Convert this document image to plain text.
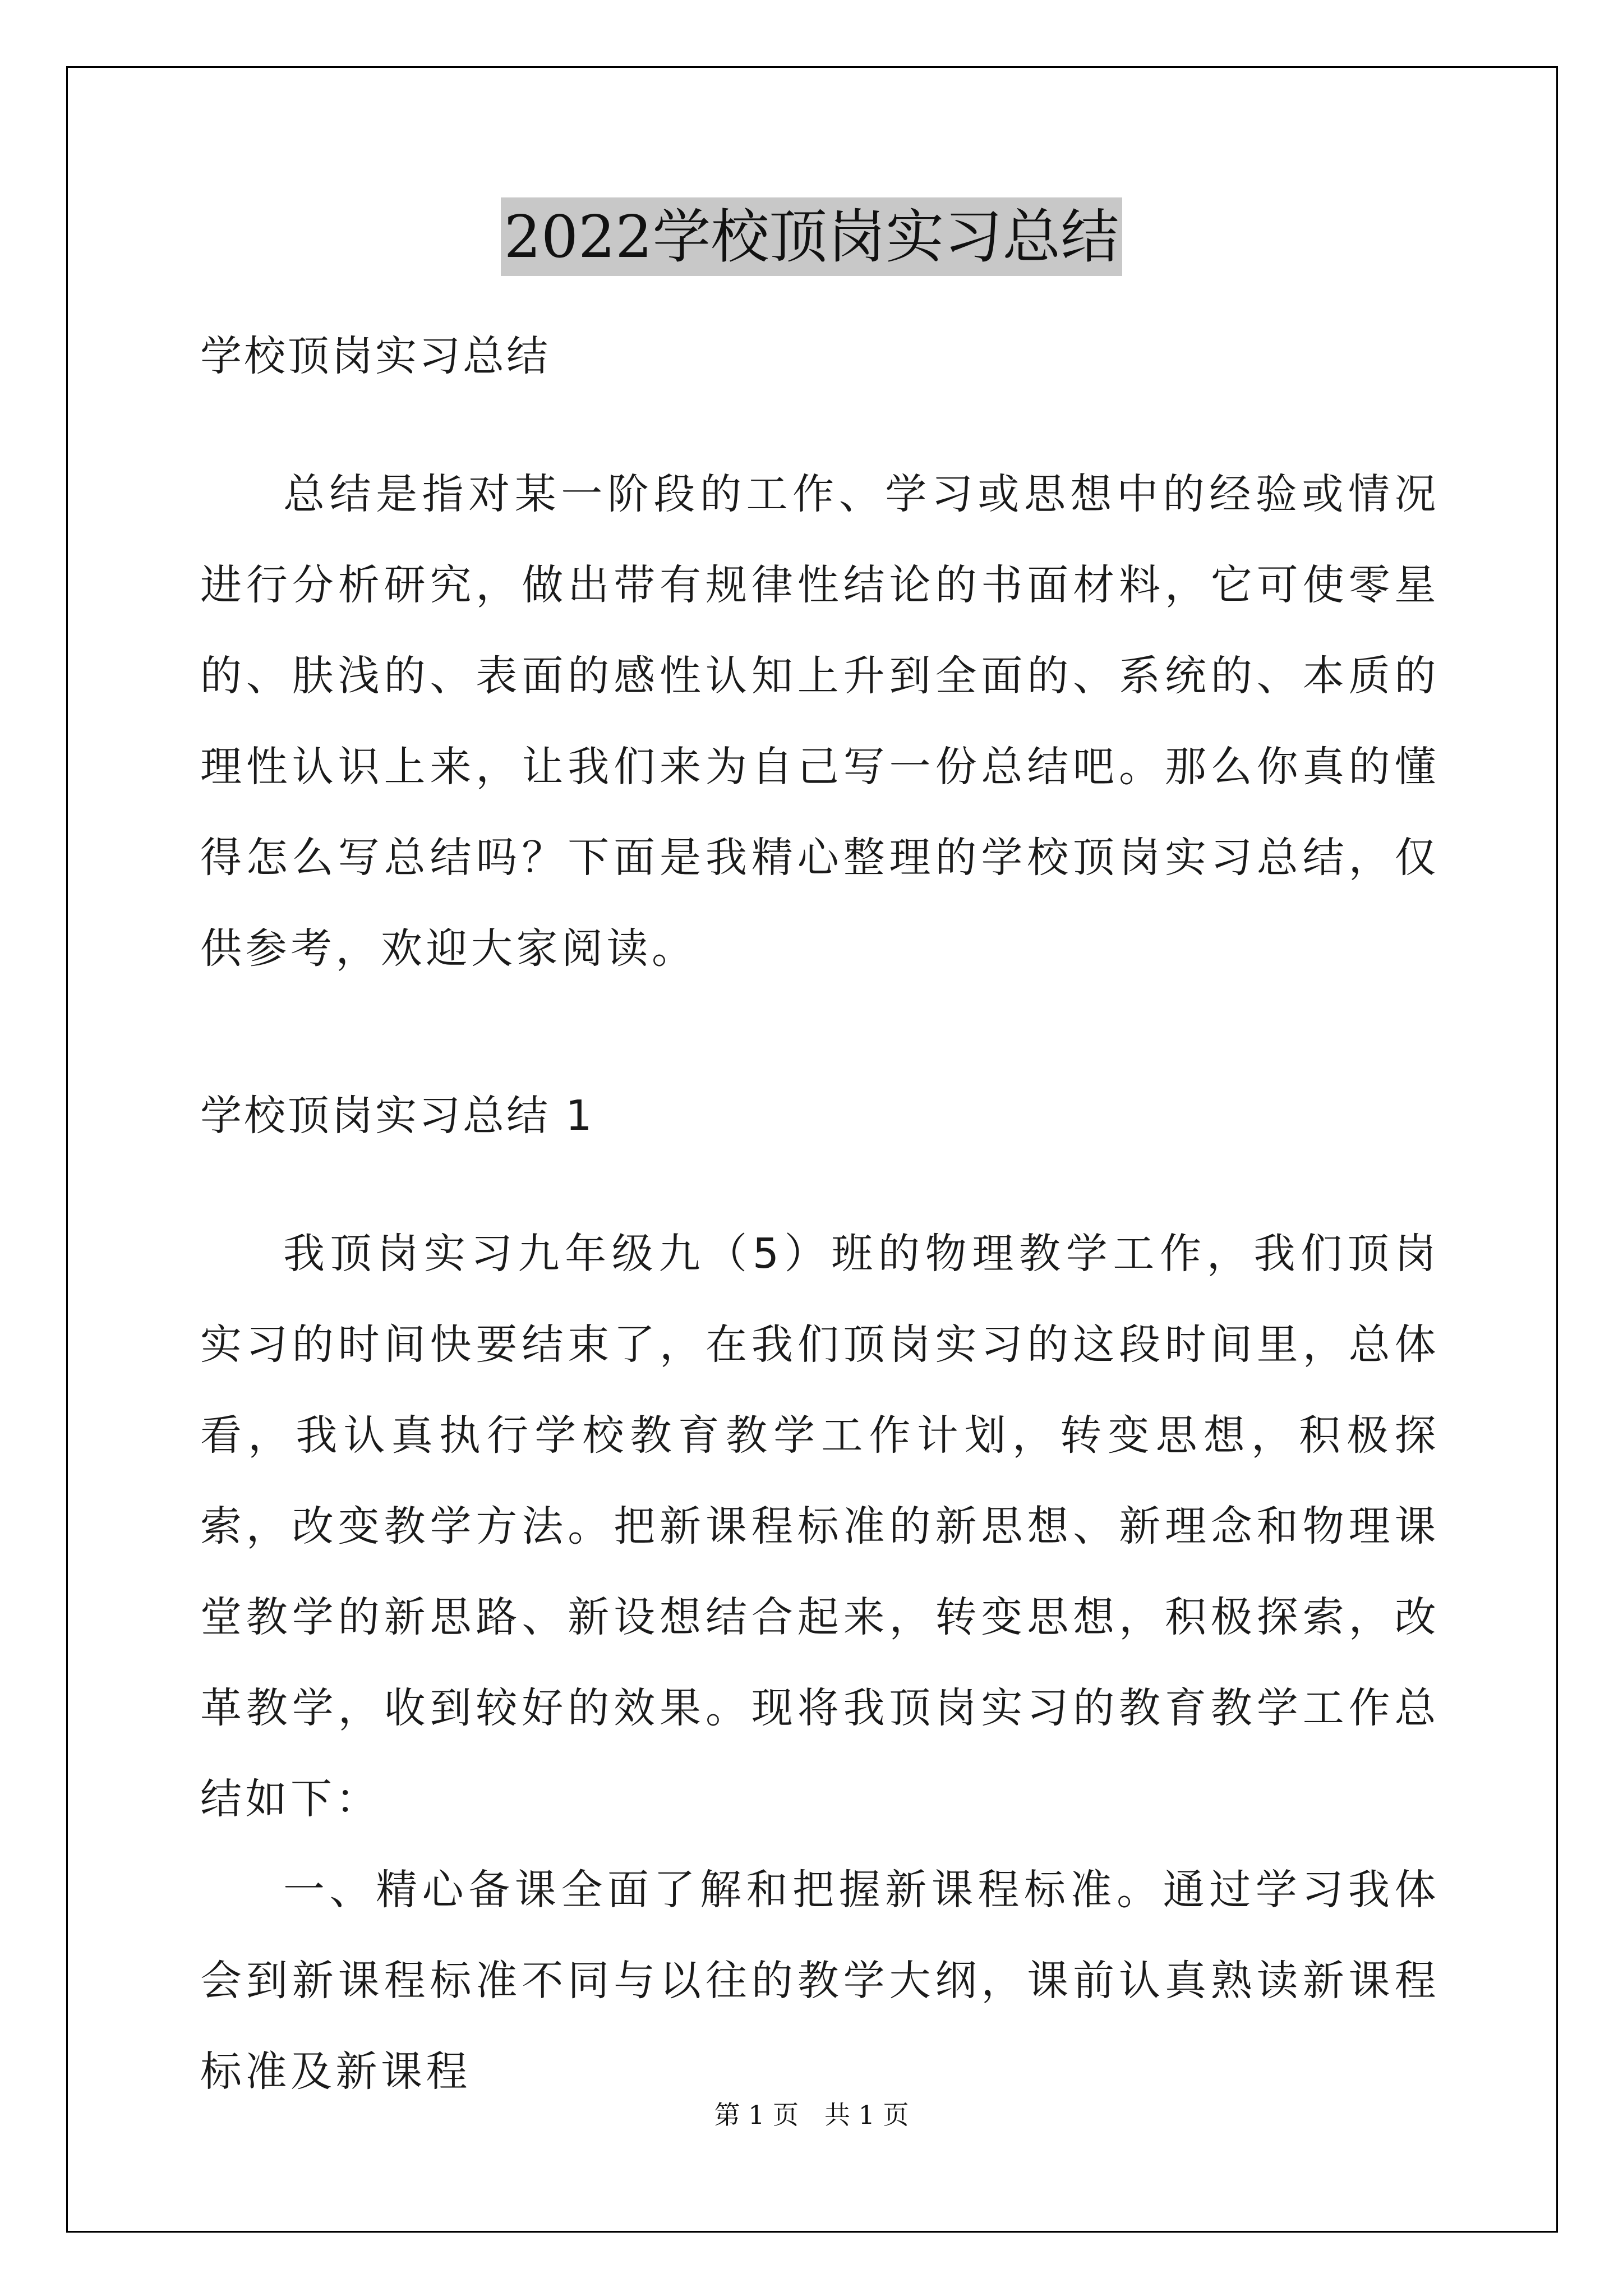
2022学校顶岗实习总结
学校顶岗实习总结

总结是指对某一阶段的工作、学习或思想中的经验或情况进行分析研究，做出带有规律性结论的书面材料，它可使零星的、肤浅的、表面的感性认知上升到全面的、系统的、本质的理性认识上来，让我们来为自己写一份总结吧。那么你真的懂得怎么写总结吗？下面是我精心整理的学校顶岗实习总结，仅供参考，欢迎大家阅读。

学校顶岗实习总结 1

我顶岗实习九年级九（5）班的物理教学工作，我们顶岗实习的时间快要结束了，在我们顶岗实习的这段时间里，总体看，我认真执行学校教育教学工作计划，转变思想，积极探索，改变教学方法。把新课程标准的新思想、新理念和物理课堂教学的新思路、新设想结合起来，转变思想，积极探索，改革教学，收到较好的效果。现将我顶岗实习的教育教学工作总结如下：

一、精心备课全面了解和把握新课程标准。通过学习我体会到新课程标准不同与以往的教学大纲，课前认真熟读新课程标准及新课程

第 1 页　共 1 页
